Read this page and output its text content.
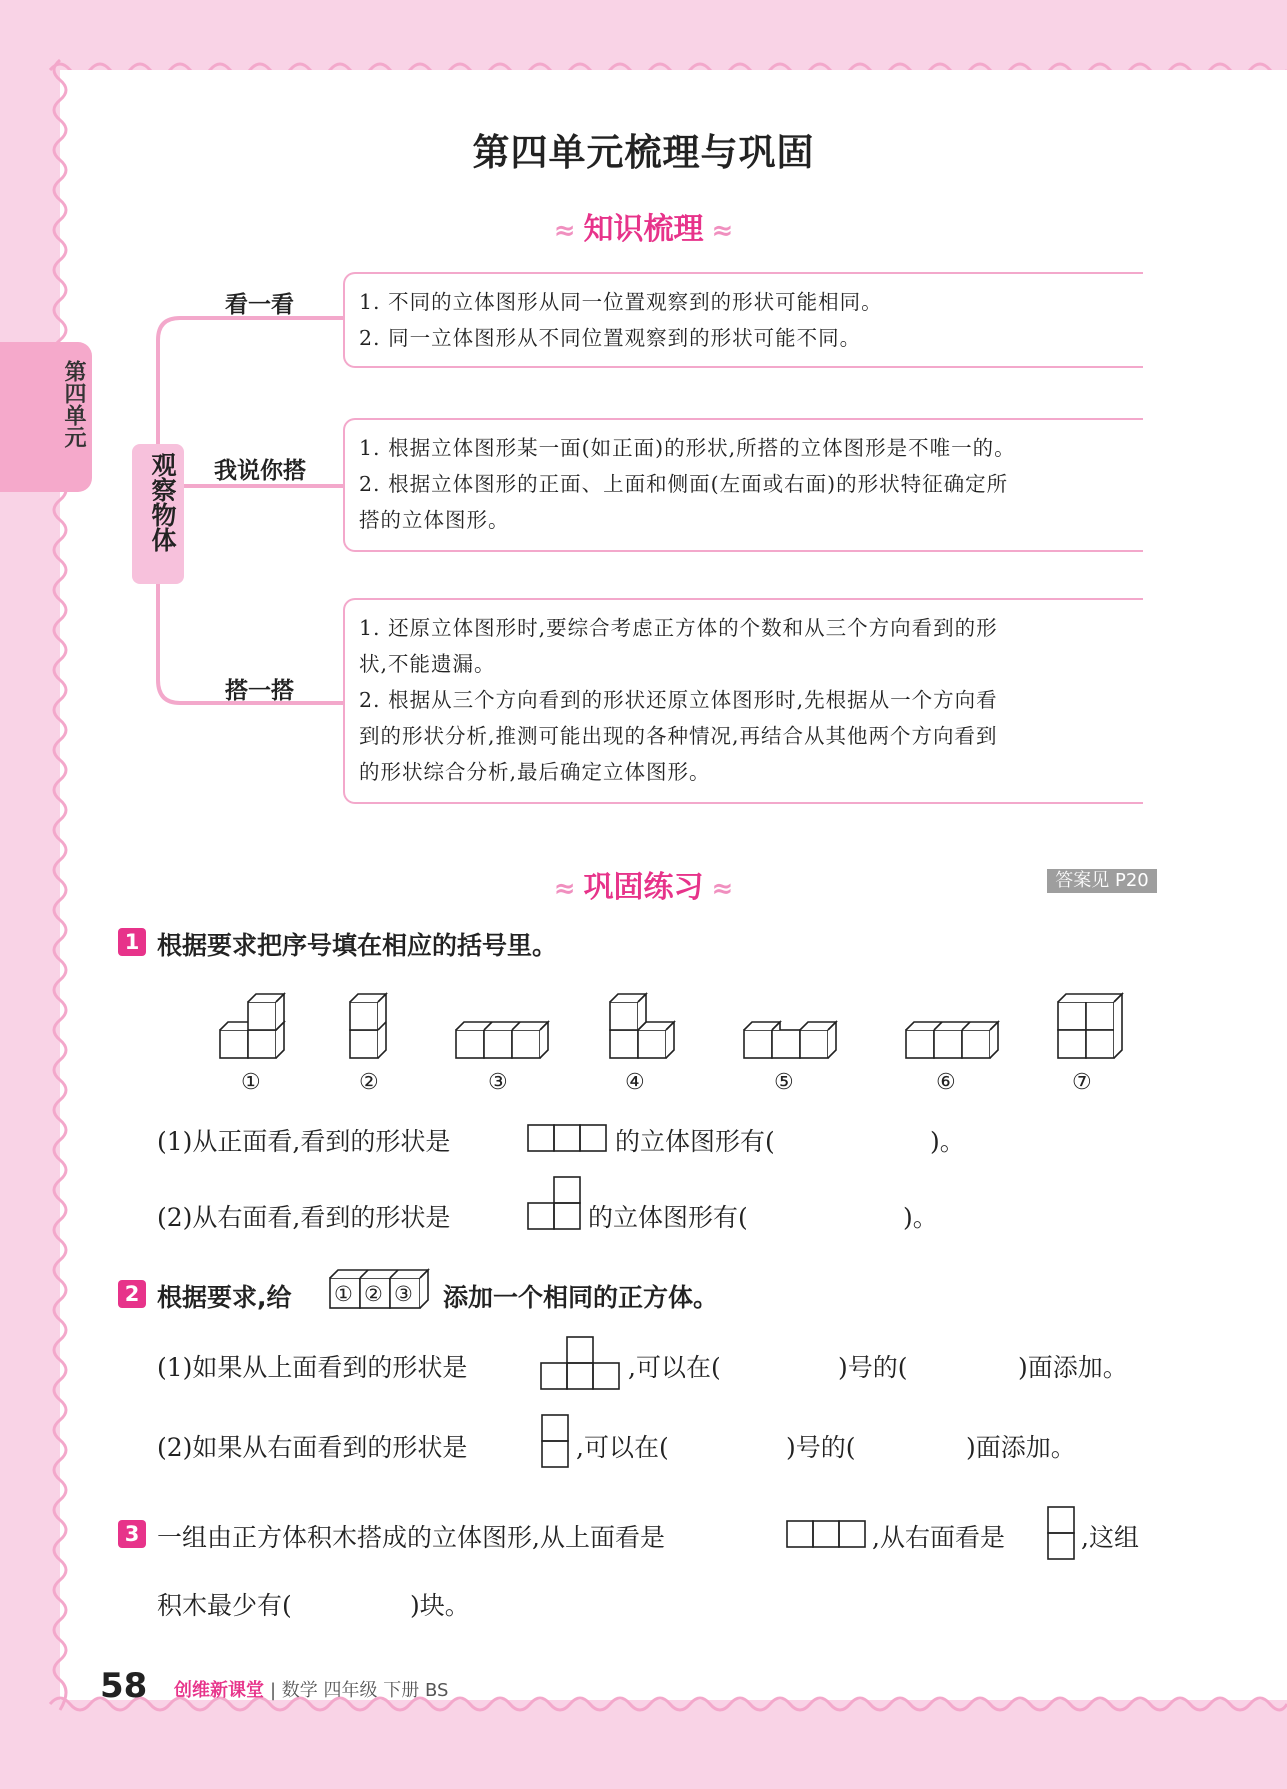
第四单元
第四单元梳理与巩固
≈ 知识梳理 ≈
观察物体
看一看
我说你搭
搭一搭
1. 不同的立体图形从同一位置观察到的形状可能相同。
2. 同一立体图形从不同位置观察到的形状可能不同。
1. 根据立体图形某一面(如正面)的形状,所搭的立体图形是不唯一的。
2. 根据立体图形的正面、上面和侧面(左面或右面)的形状特征确定所
搭的立体图形。
1. 还原立体图形时,要综合考虑正方体的个数和从三个方向看到的形
状,不能遗漏。
2. 根据从三个方向看到的形状还原立体图形时,先根据从一个方向看
到的形状分析,推测可能出现的各种情况,再结合从其他两个方向看到
的形状综合分析,最后确定立体图形。
≈ 巩固练习 ≈	答案见 P20
1 根据要求把序号填在相应的括号里。
①	②	③	④	⑤	⑥	⑦
(1)从正面看,看到的形状是	的立体图形有(	)。
(2)从右面看,看到的形状是	的立体图形有(	)。
2 根据要求,给 ① ② ③ 添加一个相同的正方体。
(1)如果从上面看到的形状是	,可以在(	)号的(	)面添加。
(2)如果从右面看到的形状是	,可以在(	)号的(	)面添加。
3 一组由正方体积木搭成的立体图形,从上面看是	,从右面看是	,这组
积木最少有(	)块。
58 创维新课堂 | 数学 四年级 下册 BS
